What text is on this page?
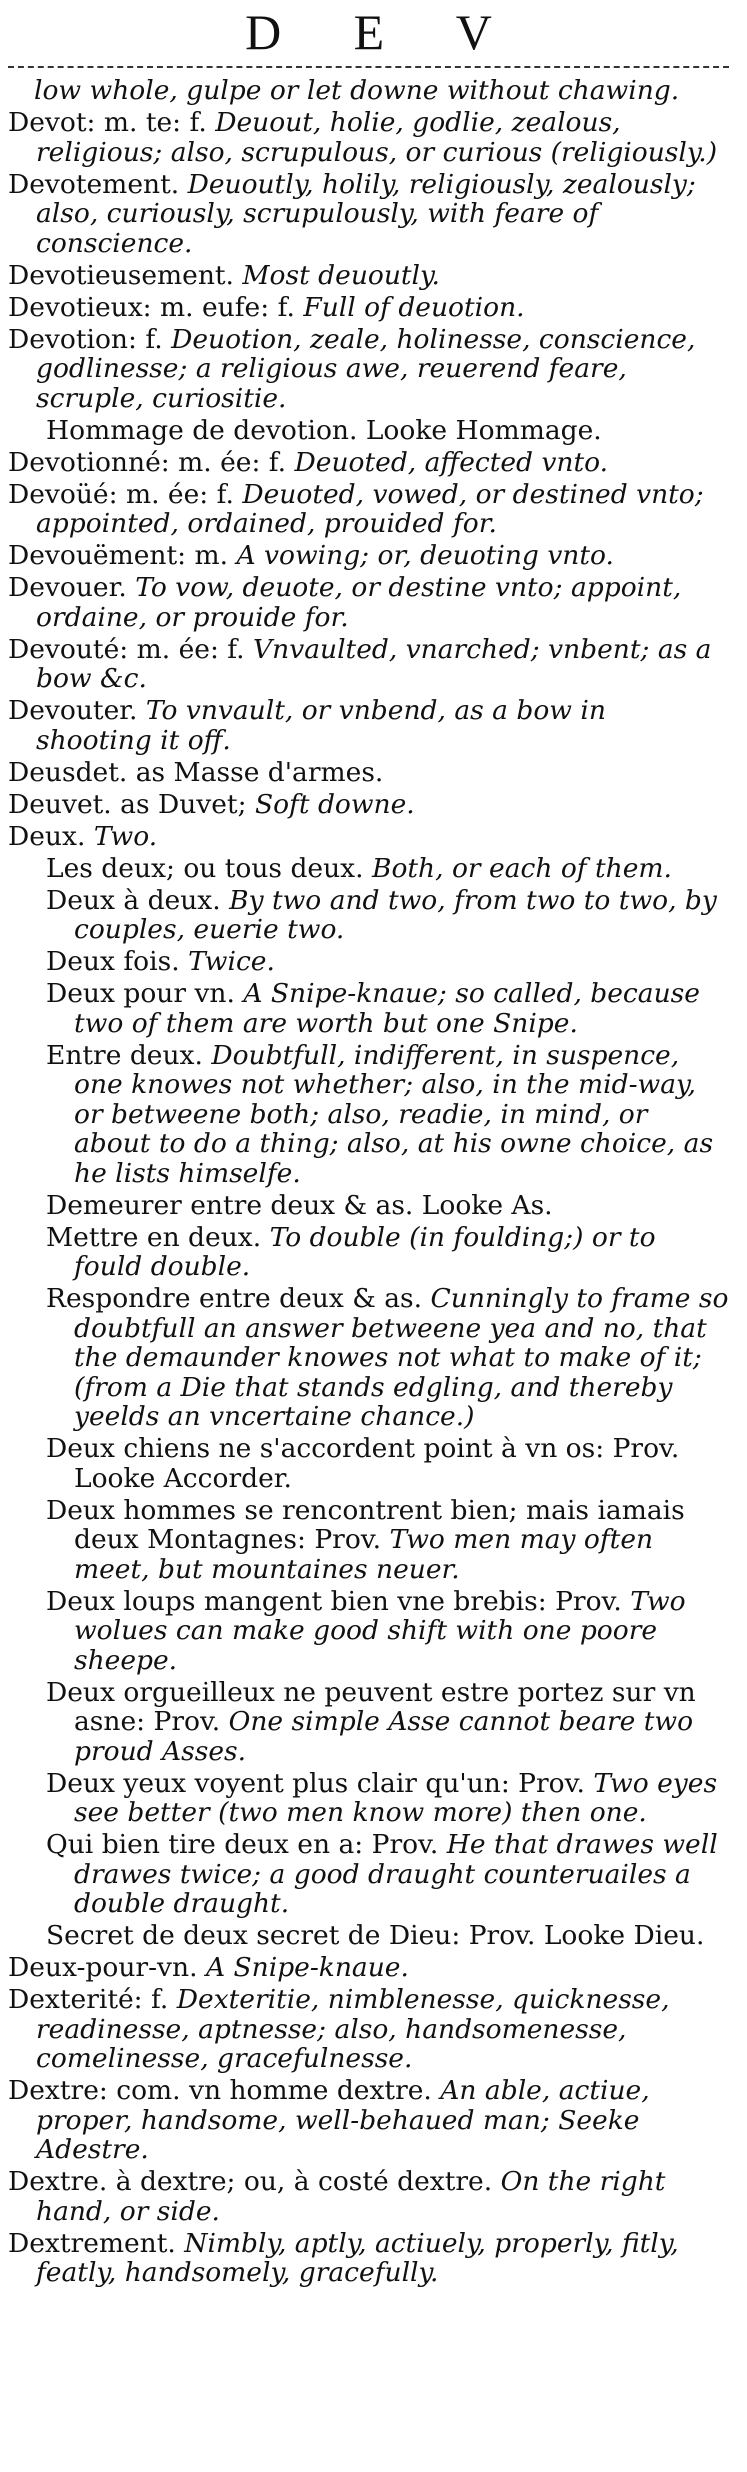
D E V

low whole, gulpe or let downe without chawing.

Devot: m. te: f. Deuout, holie, godlie, zealous, religious; also, scrupulous, or curious (religiously.)

Devotement. Deuoutly, holily, religiously, zealously; also, curiously, scrupulously, with feare of conscience.

Devotieusement. Most deuoutly.

Devotieux: m. eufe: f. Full of deuotion.

Devotion: f. Deuotion, zeale, holinesse, conscience, godlinesse; a religious awe, reuerend feare, scruple, curiositie.

Hommage de devotion. Looke Hommage.

Devotionné: m. ée: f. Deuoted, affected vnto.

Devoüé: m. ée: f. Deuoted, vowed, or destined vnto; appointed, ordained, prouided for.

Devouëment: m. A vowing; or, deuoting vnto.

Devouer. To vow, deuote, or destine vnto; appoint, ordaine, or prouide for.

Devouté: m. ée: f. Vnvaulted, vnarched; vnbent; as a bow &c.

Devouter. To vnvault, or vnbend, as a bow in shooting it off.

Deusdet. as Masse d'armes.

Deuvet. as Duvet; Soft downe.

Deux. Two.

Les deux; ou tous deux. Both, or each of them.

Deux à deux. By two and two, from two to two, by couples, euerie two.

Deux fois. Twice.

Deux pour vn. A Snipe-knaue; so called, because two of them are worth but one Snipe.

Entre deux. Doubtfull, indifferent, in suspence, one knowes not whether; also, in the mid-way, or betweene both; also, readie, in mind, or about to do a thing; also, at his owne choice, as he lists himselfe.

Demeurer entre deux & as. Looke As.

Mettre en deux. To double (in foulding;) or to fould double.

Respondre entre deux & as. Cunningly to frame so doubtfull an answer betweene yea and no, that the demaunder knowes not what to make of it; (from a Die that stands edgling, and thereby yeelds an vncertaine chance.)

Deux chiens ne s'accordent point à vn os: Prov. Looke Accorder.

Deux hommes se rencontrent bien; mais iamais deux Montagnes: Prov. Two men may often meet, but mountaines neuer.

Deux loups mangent bien vne brebis: Prov. Two wolues can make good shift with one poore sheepe.

Deux orgueilleux ne peuvent estre portez sur vn asne: Prov. One simple Asse cannot beare two proud Asses.

Deux yeux voyent plus clair qu'un: Prov. Two eyes see better (two men know more) then one.

Qui bien tire deux en a: Prov. He that drawes well drawes twice; a good draught counteruailes a double draught.

Secret de deux secret de Dieu: Prov. Looke Dieu.

Deux-pour-vn. A Snipe-knaue.

Dexterité: f. Dexteritie, nimblenesse, quicknesse, readinesse, aptnesse; also, handsomenesse, comelinesse, gracefulnesse.

Dextre: com. vn homme dextre. An able, actiue, proper, handsome, well-behaued man; Seeke Adestre.

Dextre. à dextre; ou, à costé dextre. On the right hand, or side.

Dextrement. Nimbly, aptly, actiuely, properly, fitly, featly, handsomely, gracefully.
